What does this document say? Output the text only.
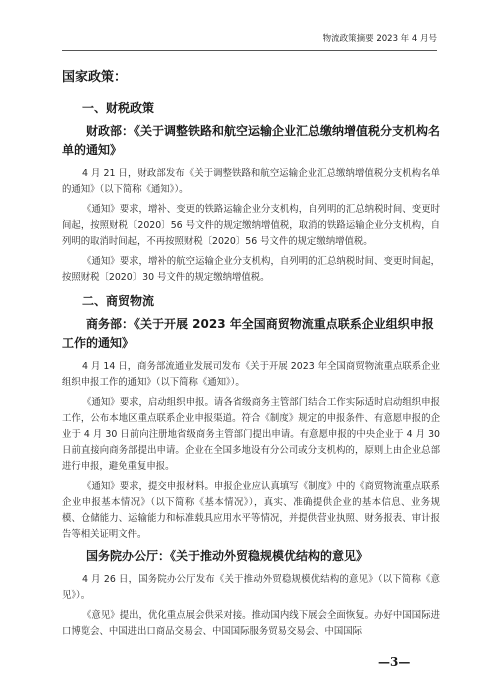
物流政策摘要 2023 年 4 月号
国家政策：
一、财税政策
财政部：《关于调整铁路和航空运输企业汇总缴纳增值税分支机构名单的通知》

4 月 21 日，财政部发布《关于调整铁路和航空运输企业汇总缴纳增值税分支机构名单的通知》（以下简称《通知》）。

《通知》要求，增补、变更的铁路运输企业分支机构，自列明的汇总纳税时间、变更时间起，按照财税〔2020〕56 号文件的规定缴纳增值税，取消的铁路运输企业分支机构，自列明的取消时间起，不再按照财税〔2020〕56 号文件的规定缴纳增值税。

《通知》要求，增补的航空运输企业分支机构，自列明的汇总纳税时间、变更时间起，按照财税〔2020〕30 号文件的规定缴纳增值税。

二、商贸物流
商务部：《关于开展 2023 年全国商贸物流重点联系企业组织申报工作的通知》

4 月 14 日，商务部流通业发展司发布《关于开展 2023 年全国商贸物流重点联系企业组织申报工作的通知》（以下简称《通知》）。

《通知》要求，启动组织申报。请各省级商务主管部门结合工作实际适时启动组织申报工作，公布本地区重点联系企业申报渠道。符合《制度》规定的申报条件、有意愿申报的企业于 4 月 30 日前向注册地省级商务主管部门提出申请。有意愿申报的中央企业于 4 月 30 日前直接向商务部提出申请。企业在全国多地设有分公司或分支机构的，原则上由企业总部进行申报，避免重复申报。

《通知》要求，提交申报材料。申报企业应认真填写《制度》中的《商贸物流重点联系企业申报基本情况》（以下简称《基本情况》），真实、准确提供企业的基本信息、业务规模、仓储能力、运输能力和标准载具应用水平等情况，并提供营业执照、财务报表、审计报告等相关证明文件。

国务院办公厅：《关于推动外贸稳规模优结构的意见》

4 月 26 日，国务院办公厅发布《关于推动外贸稳规模优结构的意见》（以下简称《意见》）。

《意见》提出，优化重点展会供采对接。推动国内线下展会全面恢复。办好中国国际进口博览会、中国进出口商品交易会、中国国际服务贸易交易会、中国国际

—3—
